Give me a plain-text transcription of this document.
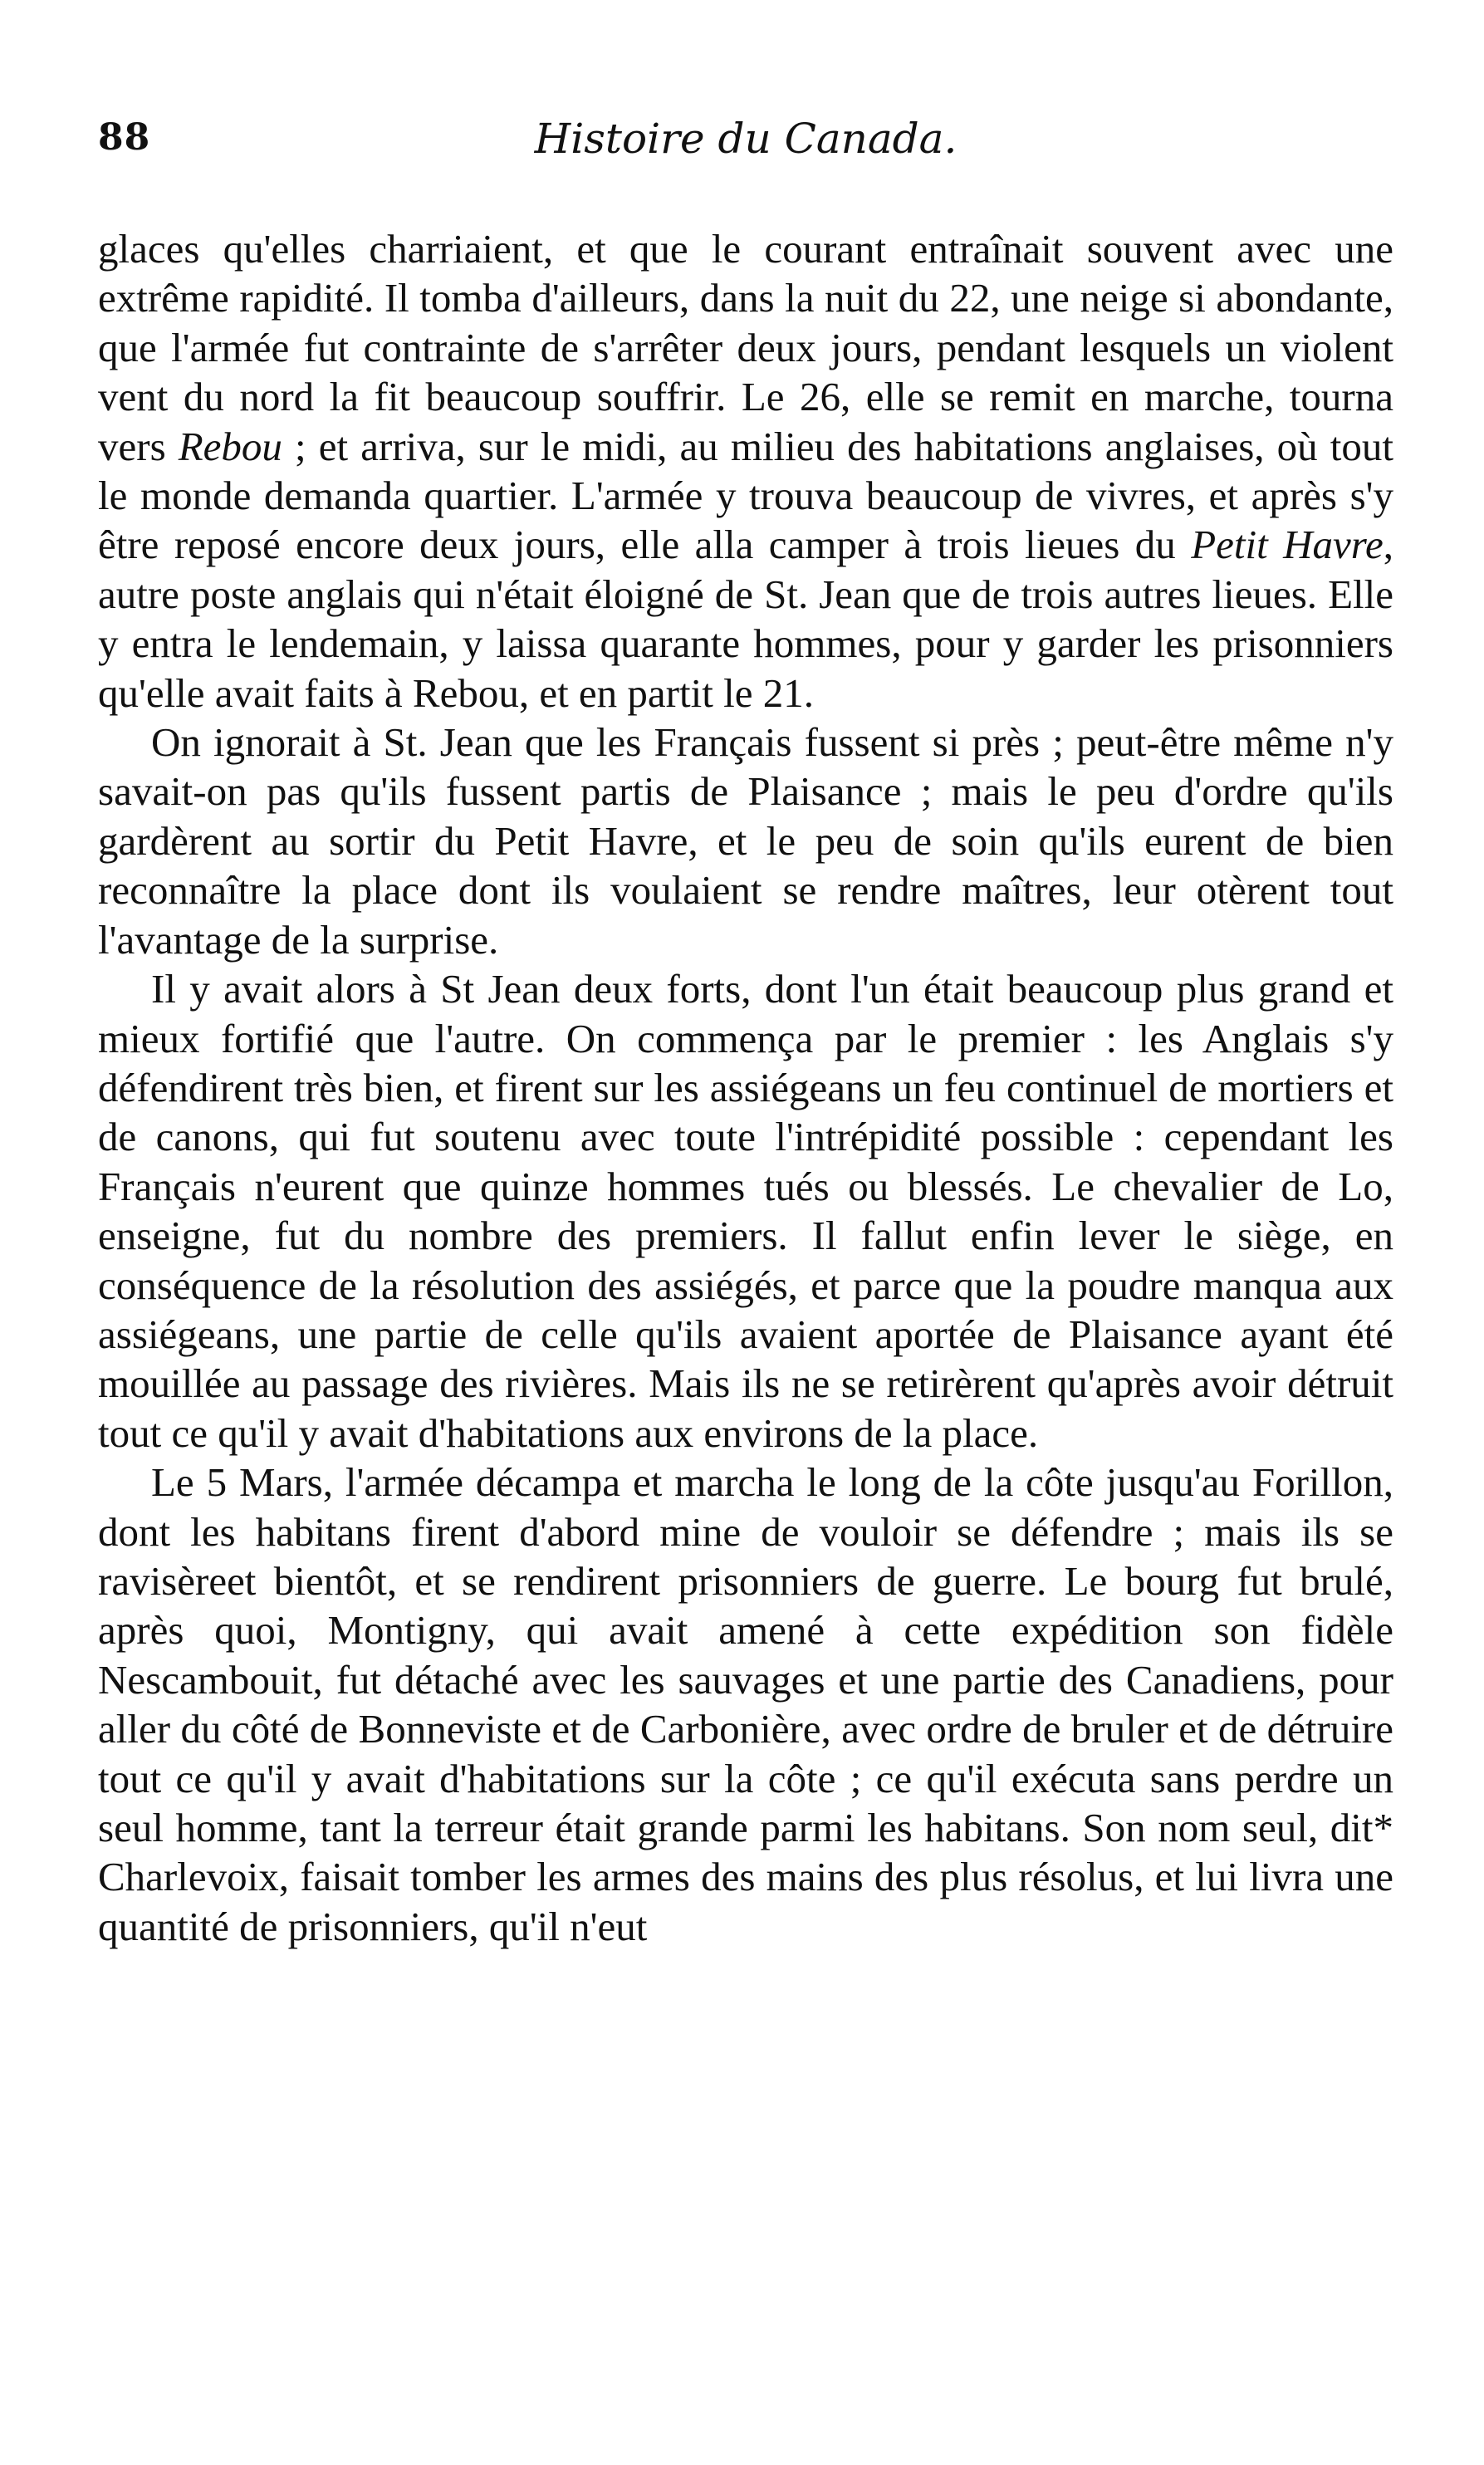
88	Histoire du Canada.

glaces qu'elles charriaient, et que le courant entraînait souvent avec une extrême rapidité. Il tomba d'ailleurs, dans la nuit du 22, une neige si abondante, que l'armée fut contrainte de s'arrêter deux jours, pendant lesquels un violent vent du nord la fit beaucoup souffrir. Le 26, elle se remit en marche, tourna vers Rebou ; et arriva, sur le midi, au milieu des habitations anglaises, où tout le monde demanda quartier. L'armée y trouva beaucoup de vivres, et après s'y être reposé encore deux jours, elle alla camper à trois lieues du Petit Havre, autre poste anglais qui n'était éloigné de St. Jean que de trois autres lieues. Elle y entra le lendemain, y laissa quarante hommes, pour y garder les prisonniers qu'elle avait faits à Rebou, et en partit le 21.

On ignorait à St. Jean que les Français fussent si près ; peut-être même n'y savait-on pas qu'ils fussent partis de Plaisance ; mais le peu d'ordre qu'ils gardèrent au sortir du Petit Havre, et le peu de soin qu'ils eurent de bien reconnaître la place dont ils voulaient se rendre maîtres, leur otèrent tout l'avantage de la surprise.

Il y avait alors à St Jean deux forts, dont l'un était beaucoup plus grand et mieux fortifié que l'autre. On commença par le premier : les Anglais s'y défendirent très bien, et firent sur les assiégeans un feu continuel de mortiers et de canons, qui fut soutenu avec toute l'intrépidité possible : cependant les Français n'eurent que quinze hommes tués ou blessés. Le chevalier de Lo, enseigne, fut du nombre des premiers. Il fallut enfin lever le siège, en conséquence de la résolution des assiégés, et parce que la poudre manqua aux assiégeans, une partie de celle qu'ils avaient aportée de Plaisance ayant été mouillée au passage des rivières. Mais ils ne se retirèrent qu'après avoir détruit tout ce qu'il y avait d'habitations aux environs de la place.

Le 5 Mars, l'armée décampa et marcha le long de la côte jusqu'au Forillon, dont les habitans firent d'abord mine de vouloir se défendre ; mais ils se ravisèreet bientôt, et se rendirent prisonniers de guerre. Le bourg fut brulé, après quoi, Montigny, qui avait amené à cette expédition son fidèle Nescambouit, fut détaché avec les sauvages et une partie des Canadiens, pour aller du côté de Bonneviste et de Carbonière, avec ordre de bruler et de détruire tout ce qu'il y avait d'habitations sur la côte ; ce qu'il exécuta sans perdre un seul homme, tant la terreur était grande parmi les habitans. Son nom seul, dit* Charlevoix, faisait tomber les armes des mains des plus résolus, et lui livra une quantité de prisonniers, qu'il n'eut
